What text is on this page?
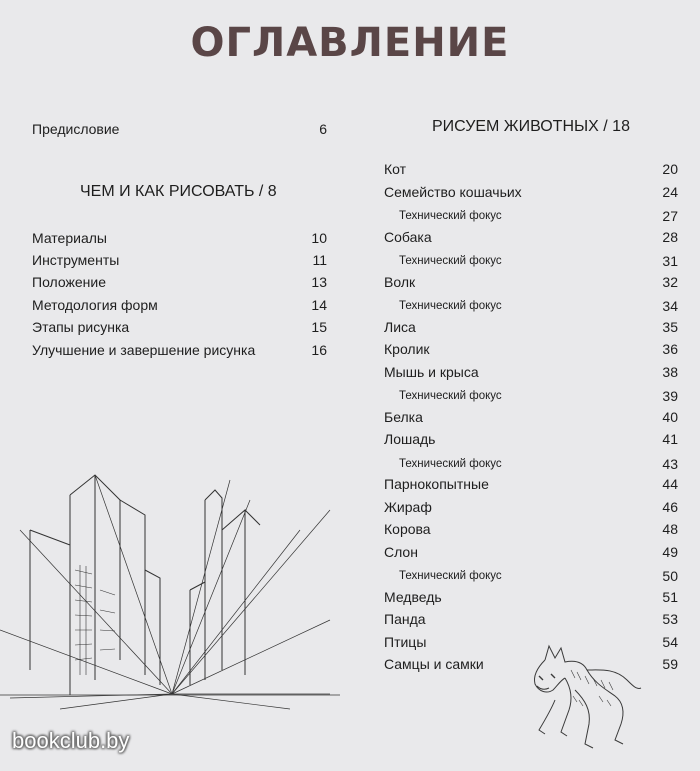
ОГЛАВЛЕНИЕ
Предисловие	6
ЧЕМ И КАК РИСОВАТЬ / 8
Материалы	10
Инструменты	11
Положение	13
Методология форм	14
Этапы рисунка	15
Улучшение и завершение рисунка	16
РИСУЕМ ЖИВОТНЫХ / 18
Кот	20
Семейство кошачьих	24
Технический фокус	27
Собака	28
Технический фокус	31
Волк	32
Технический фокус	34
Лиса	35
Кролик	36
Мышь и крыса	38
Технический фокус	39
Белка	40
Лошадь	41
Технический фокус	43
Парнокопытные	44
Жираф	46
Корова	48
Слон	49
Технический фокус	50
Медведь	51
Панда	53
Птицы	54
Самцы и самки	59
bookclub.by
